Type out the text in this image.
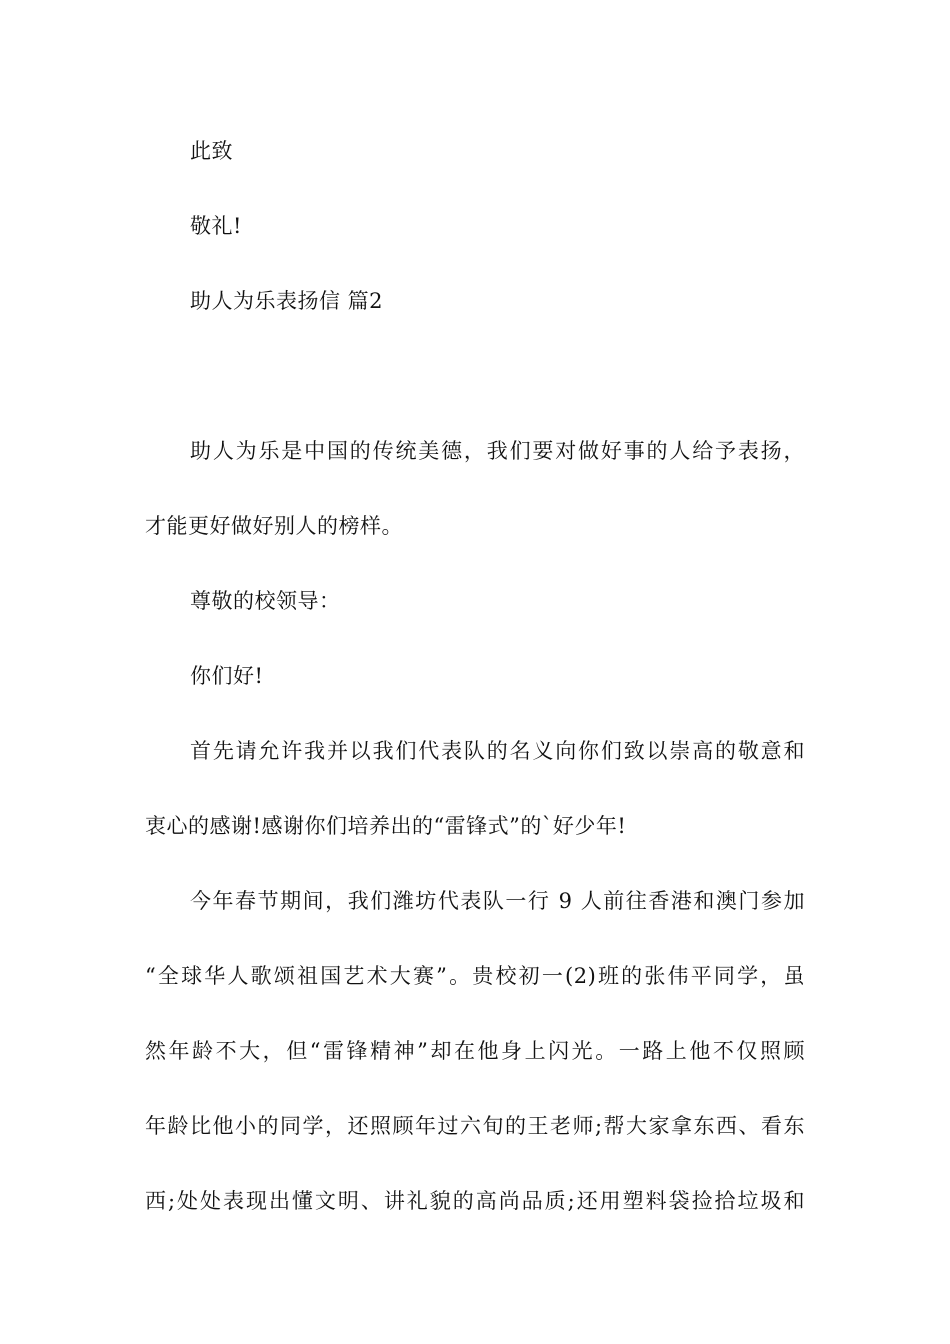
此致
敬礼!
助人为乐表扬信 篇2
助人为乐是中国的传统美德，我们要对做好事的人给予表扬，
才能更好做好别人的榜样。
尊敬的校领导：
你们好!
首先请允许我并以我们代表队的名义向你们致以崇高的敬意和
衷心的感谢!感谢你们培养出的“雷锋式”的`好少年!
今年春节期间，我们潍坊代表队一行 9 人前往香港和澳门参加
“全球华人歌颂祖国艺术大赛”。贵校初一(2)班的张伟平同学，虽
然年龄不大，但“雷锋精神”却在他身上闪光。一路上他不仅照顾
年龄比他小的同学，还照顾年过六旬的王老师;帮大家拿东西、看东
西;处处表现出懂文明、讲礼貌的高尚品质;还用塑料袋捡拾垃圾和
